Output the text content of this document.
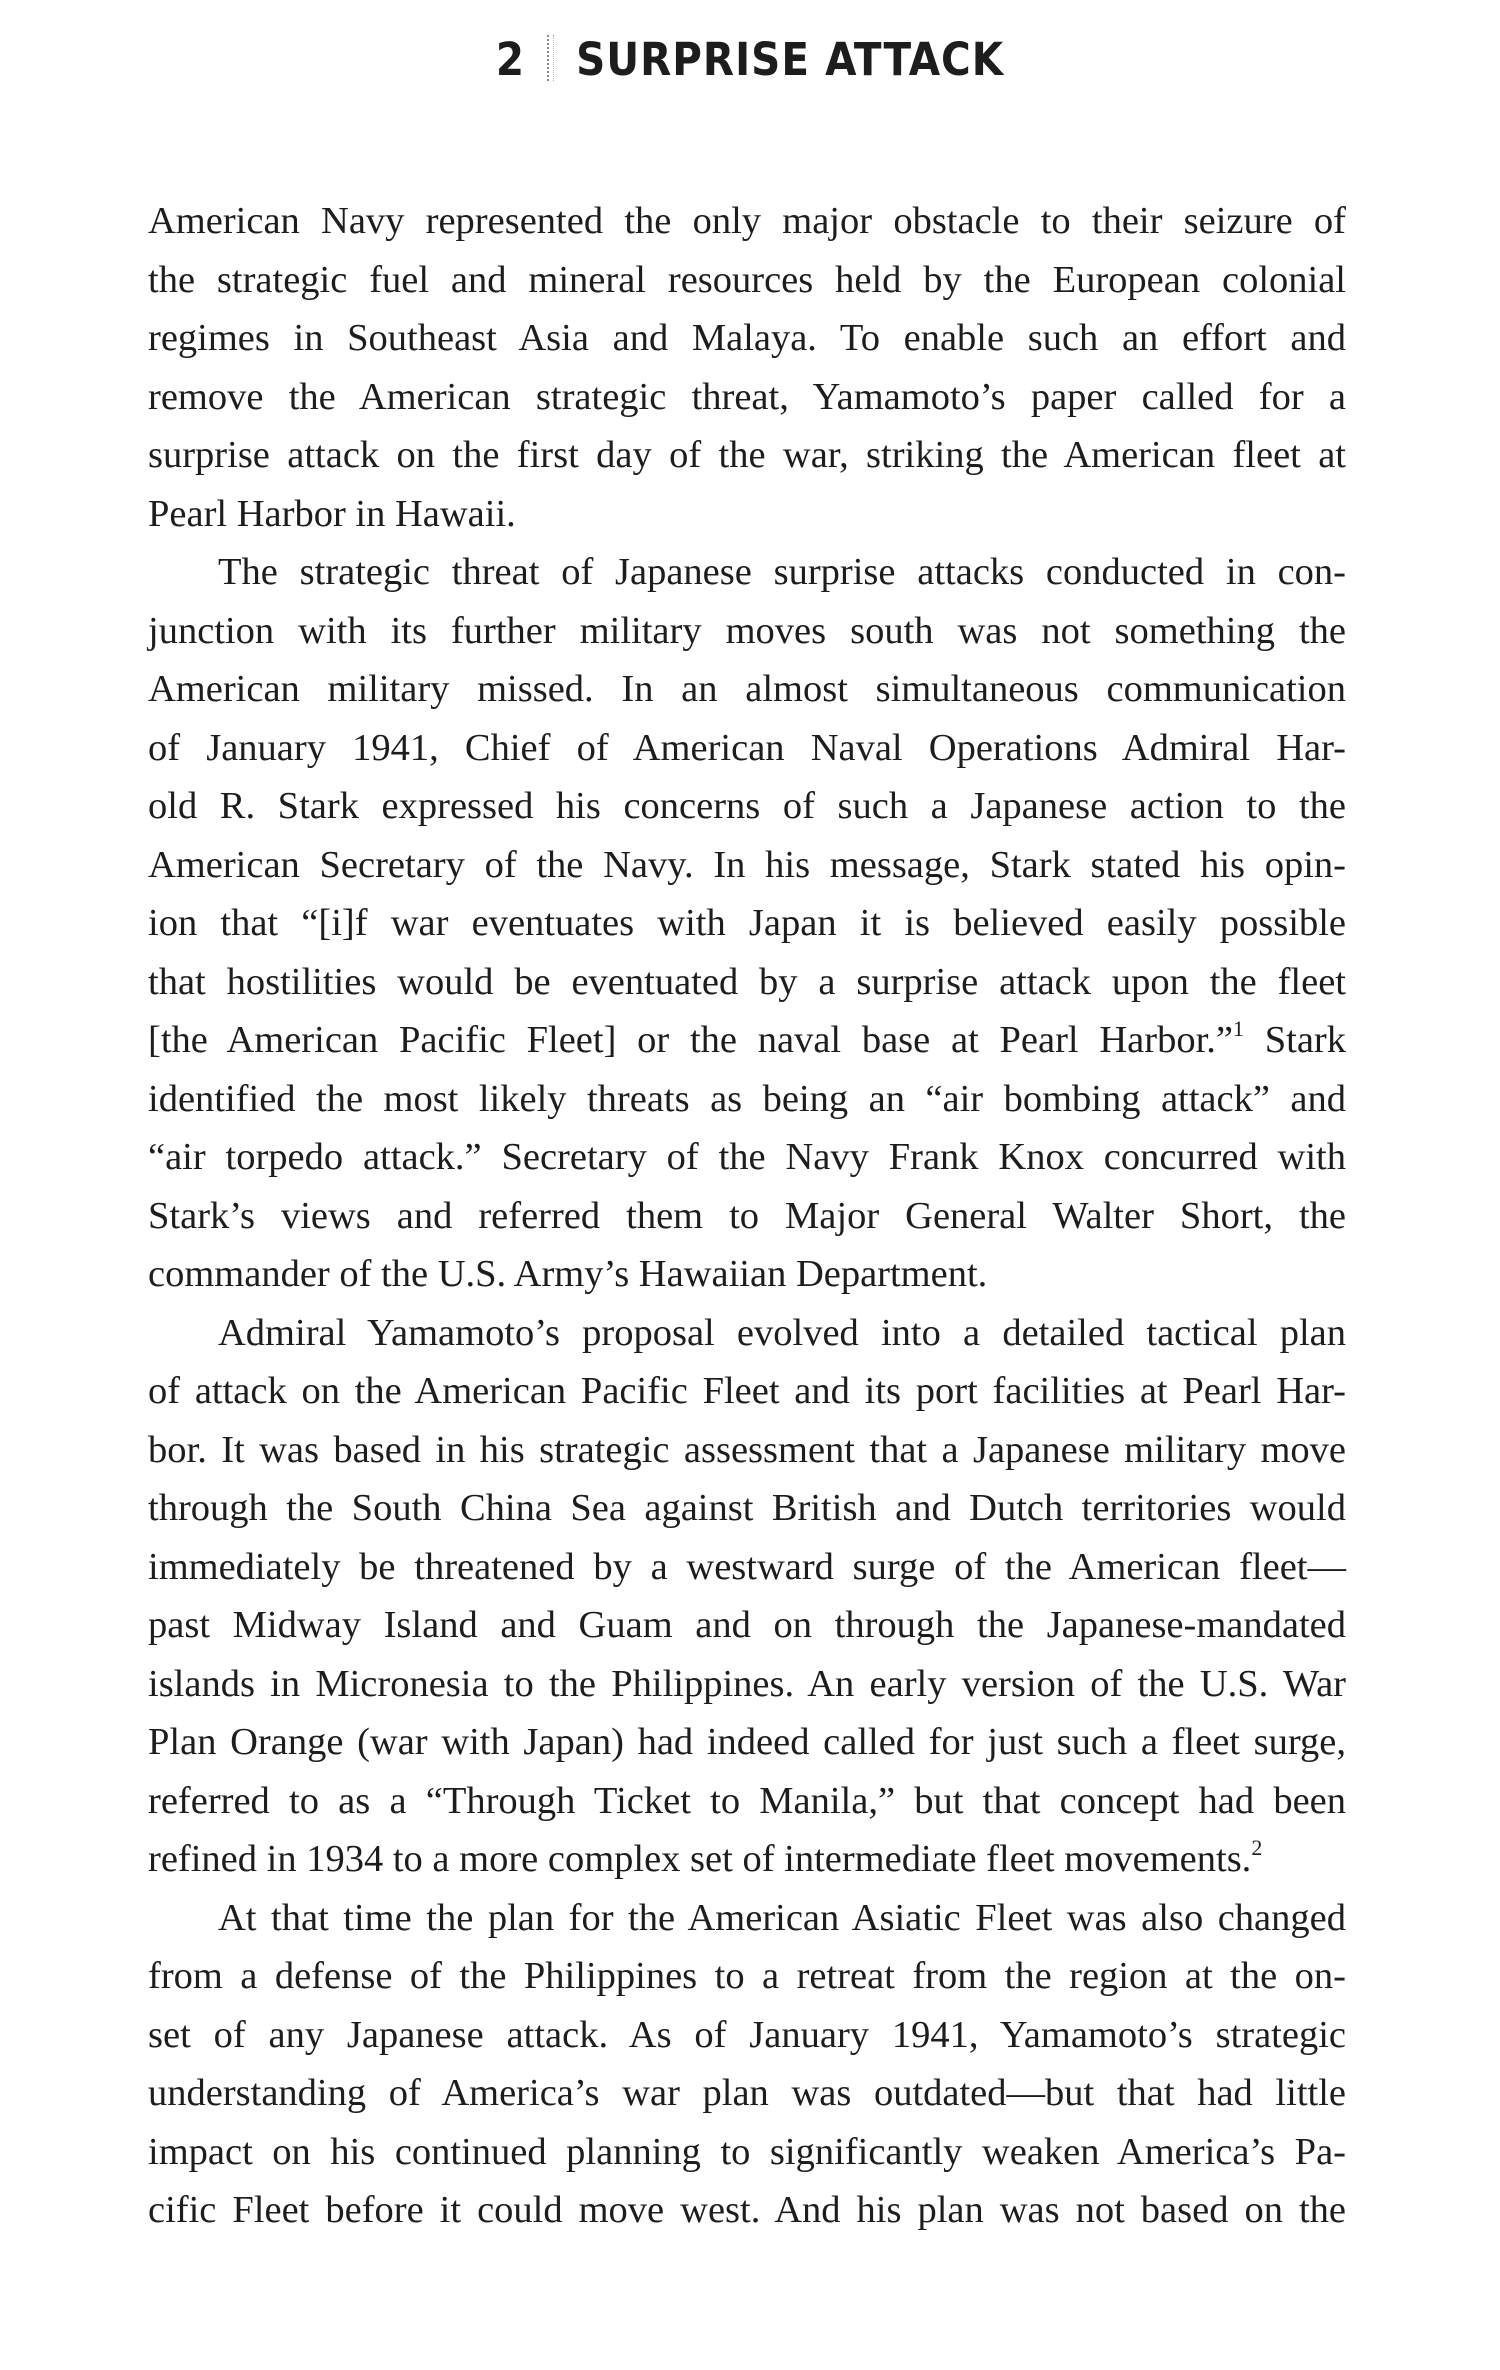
2 SURPRISE ATTACK
American Navy represented the only major obstacle to their seizure of
the strategic fuel and mineral resources held by the European colonial
regimes in Southeast Asia and Malaya. To enable such an effort and
remove the American strategic threat, Yamamoto’s paper called for a
surprise attack on the first day of the war, striking the American fleet at
Pearl Harbor in Hawaii.
The strategic threat of Japanese surprise attacks conducted in con-
junction with its further military moves south was not something the
American military missed. In an almost simultaneous communication
of January 1941, Chief of American Naval Operations Admiral Har-
old R. Stark expressed his concerns of such a Japanese action to the
American Secretary of the Navy. In his message, Stark stated his opin-
ion that “[i]f war eventuates with Japan it is believed easily possible
that hostilities would be eventuated by a surprise attack upon the fleet
[the American Pacific Fleet] or the naval base at Pearl Harbor.”$^1$ Stark
identified the most likely threats as being an “air bombing attack” and
“air torpedo attack.” Secretary of the Navy Frank Knox concurred with
Stark’s views and referred them to Major General Walter Short, the
commander of the U.S. Army’s Hawaiian Department.
Admiral Yamamoto’s proposal evolved into a detailed tactical plan
of attack on the American Pacific Fleet and its port facilities at Pearl Har-
bor. It was based in his strategic assessment that a Japanese military move
through the South China Sea against British and Dutch territories would
immediately be threatened by a westward surge of the American fleet—
past Midway Island and Guam and on through the Japanese-mandated
islands in Micronesia to the Philippines. An early version of the U.S. War
Plan Orange (war with Japan) had indeed called for just such a fleet surge,
referred to as a “Through Ticket to Manila,” but that concept had been
refined in 1934 to a more complex set of intermediate fleet movements.$^2$
At that time the plan for the American Asiatic Fleet was also changed
from a defense of the Philippines to a retreat from the region at the on-
set of any Japanese attack. As of January 1941, Yamamoto’s strategic
understanding of America’s war plan was outdated—but that had little
impact on his continued planning to significantly weaken America’s Pa-
cific Fleet before it could move west. And his plan was not based on the
